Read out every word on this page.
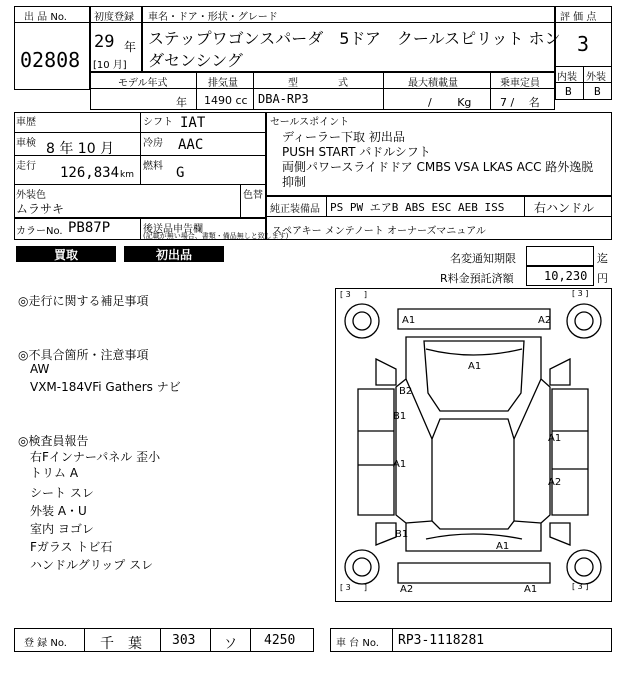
出 品 No.
02808
初度登録
29 年
[10 月]
車名・ドア・形状・グレード
ステップワゴンスパーダ　5ドア　クールスピリット ホン
ダセンシング
評 価 点
3
内装 外装
B B
モデル年式	排気量	型　　　　式	最大積載量	乗車定員
年 1490 cc DBA-RP3	/　　 Kg	7 /　 名
車歴	シフト IAT
車検 8 年 10 月	冷房 AAC
走行 126,834 km
燃料 G
外装色
ムラサキ
色替
カラーNo. PB87P	後送品申告欄
(記載が無い場合、書類・備品無しと致します)
セールスポイント
ディーラー下取 初出品
PUSH START パドルシフト
両側パワースライドドア CMBS VSA LKAS ACC 路外逸脱
抑制
純正装備品 PS PW エアB ABS ESC AEB ISS 右ハンドル
スペアキー メンテノート オーナーズマニュアル
買取	初出品	名変通知期限	迄
R料金預託済額	10,230 円
◎走行に関する補足事項
◎不具合箇所・注意事項
AW
VXM-184VFi Gathers ナビ
◎検査員報告
右Fインナーパネル 歪小
トリム A
シート スレ
外装 A・U
室内 ヨゴレ
Fガラス トビ石
ハンドルグリップ スレ
[ 3 　 ]	[ 3 ]
[ 3 　 ]	[ 3 ]
A1	A2
A1
B2
B1
A1
A1
A2
B1
A1
A2	A1
登 録 No. 千　葉 303 ソ 4250	車 台 No. RP3-1118281
